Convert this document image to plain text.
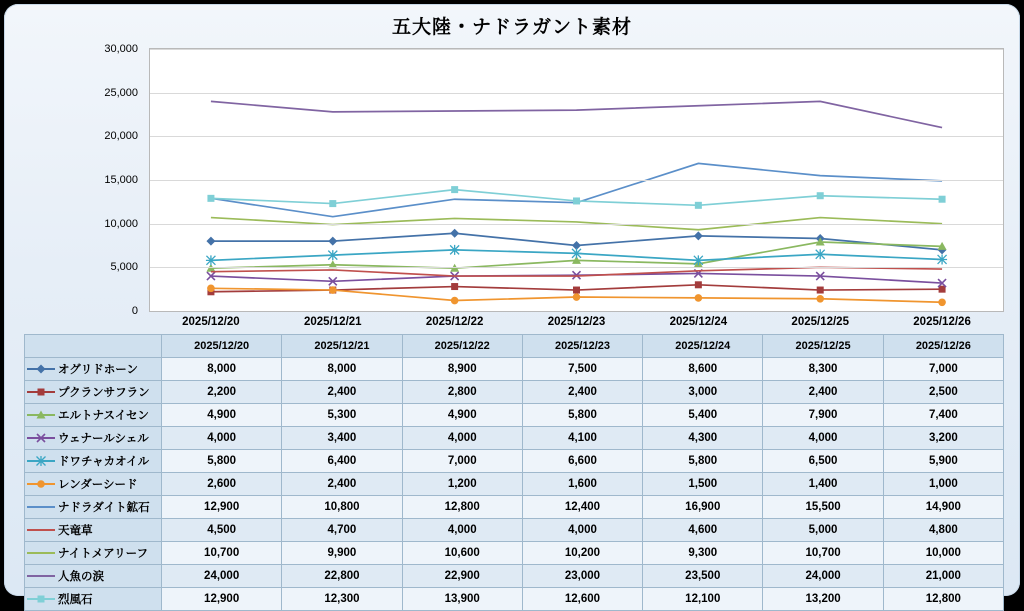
五大陸・ナドラガント素材
0
5,000
10,000
15,000
20,000
25,000
30,000
2025/12/20	2025/12/21	2025/12/22	2025/12/23	2025/12/24	2025/12/25	2025/12/26
	2025/12/20	2025/12/21	2025/12/22	2025/12/23	2025/12/24	2025/12/25	2025/12/26

オグリドホーン	8,000	8,000	8,900	7,500	8,600	8,300	7,000

プクランサフラン	2,200	2,400	2,800	2,400	3,000	2,400	2,500

エルトナスイセン	4,900	5,300	4,900	5,800	5,400	7,900	7,400

ウェナールシェル	4,000	3,400	4,000	4,100	4,300	4,000	3,200

ドワチャカオイル	5,800	6,400	7,000	6,600	5,800	6,500	5,900

レンダーシード	2,600	2,400	1,200	1,600	1,500	1,400	1,000

ナドラダイト鉱石	12,900	10,800	12,800	12,400	16,900	15,500	14,900

天竜草	4,500	4,700	4,000	4,000	4,600	5,000	4,800

ナイトメアリーフ	10,700	9,900	10,600	10,200	9,300	10,700	10,000

人魚の涙	24,000	22,800	22,900	23,000	23,500	24,000	21,000

烈風石	12,900	12,300	13,900	12,600	12,100	13,200	12,800
